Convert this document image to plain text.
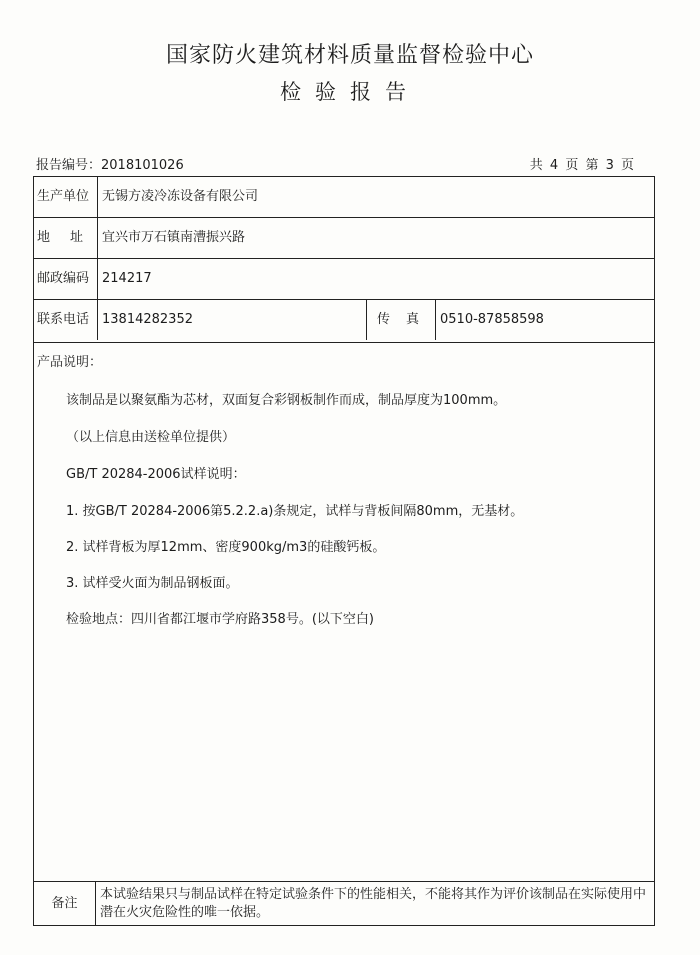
国家防火建筑材料质量监督检验中心
检验报告
报告编号：2018101026	共 4 页 第 3 页
生产单位 无锡方凌冷冻设备有限公司
地址
宜兴市万石镇南漕振兴路
邮政编码 214217
联系电话 13814282352	传真 0510-87858598
产品说明：
该制品是以聚氨酯为芯材，双面复合彩钢板制作而成，制品厚度为100mm。
（以上信息由送检单位提供）
GB/T 20284-2006试样说明：
1. 按GB/T 20284-2006第5.2.2.a)条规定，试样与背板间隔80mm，无基材。
2. 试样背板为厚12mm、密度900kg/m3的硅酸钙板。
3. 试样受火面为制品钢板面。
检验地点：四川省都江堰市学府路358号。(以下空白)
备注
本试验结果只与制品试样在特定试验条件下的性能相关，不能将其作为评价该制品在实际使用中潜在火灾危险性的唯一依据。
